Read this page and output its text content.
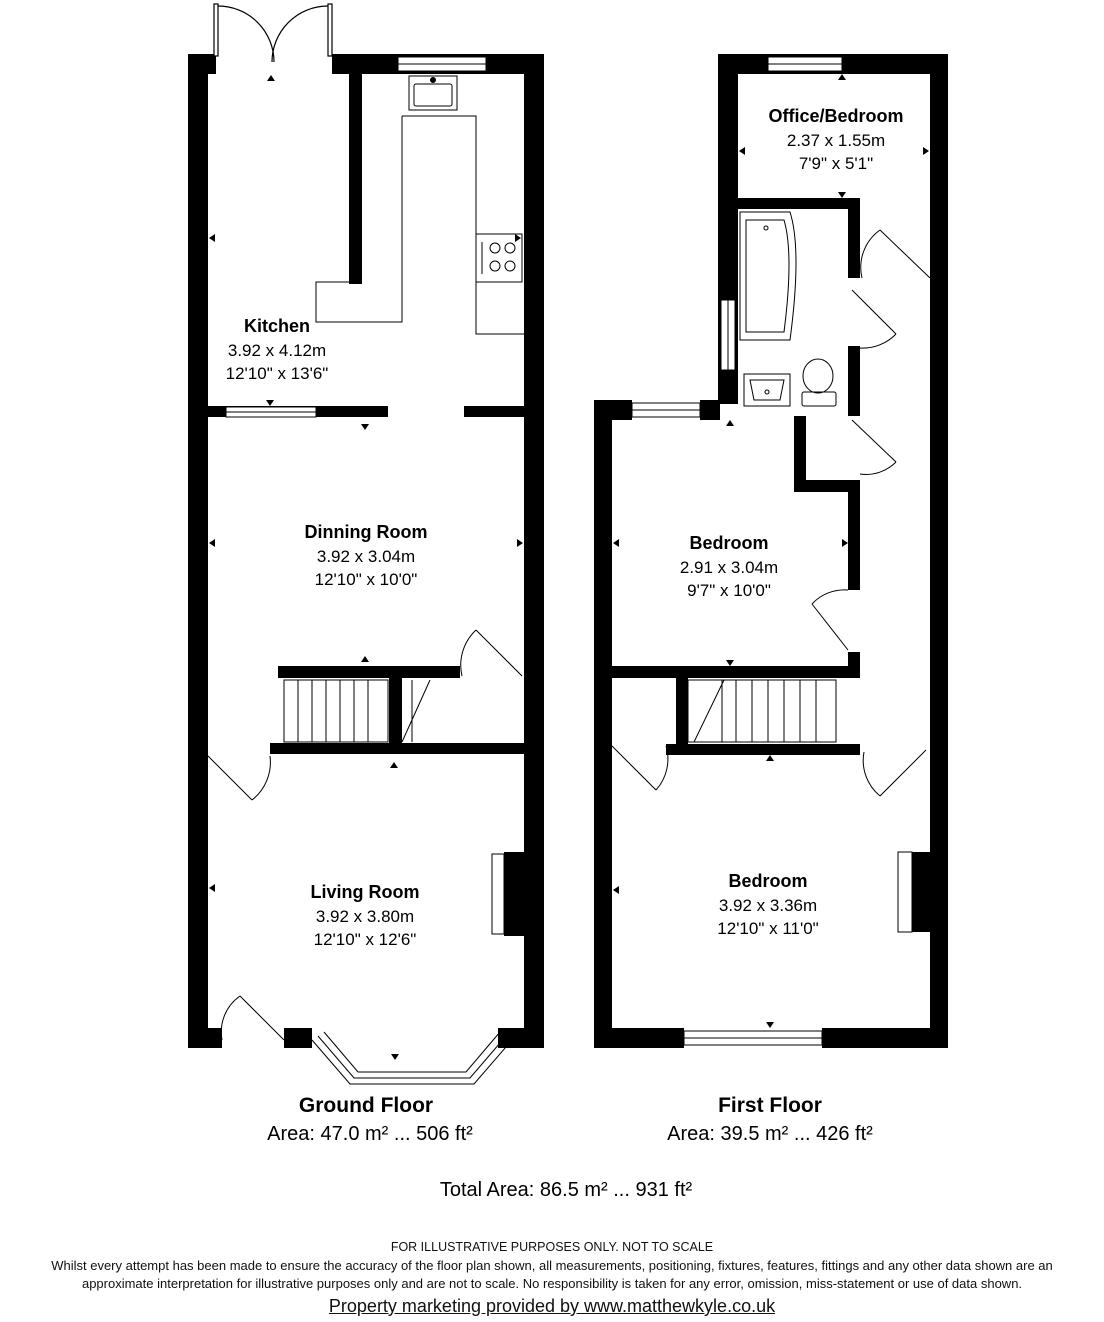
Kitchen
3.92 x 4.12m
12'10" x 13'6"
Dinning Room
3.92 x 3.04m
12'10" x 10'0"
Living Room
3.92 x 3.80m
12'10" x 12'6"
Office/Bedroom
2.37 x 1.55m
7'9" x 5'1"
Bedroom
2.91 x 3.04m
9'7" x 10'0"
Bedroom
3.92 x 3.36m
12'10" x 11'0"
Ground Floor
Area: 47.0 m² ... 506 ft²
First Floor
Area: 39.5 m² ... 426 ft²
Total Area: 86.5 m² ... 931 ft²
FOR ILLUSTRATIVE PURPOSES ONLY. NOT TO SCALE
Whilst every attempt has been made to ensure the accuracy of the floor plan shown, all measurements, positioning, fixtures, features, fittings and any other data shown are an
approximate interpretation for illustrative purposes only and are not to scale. No responsibility is taken for any error, omission, miss-statement or use of data shown.
Property marketing provided by www.matthewkyle.co.uk
